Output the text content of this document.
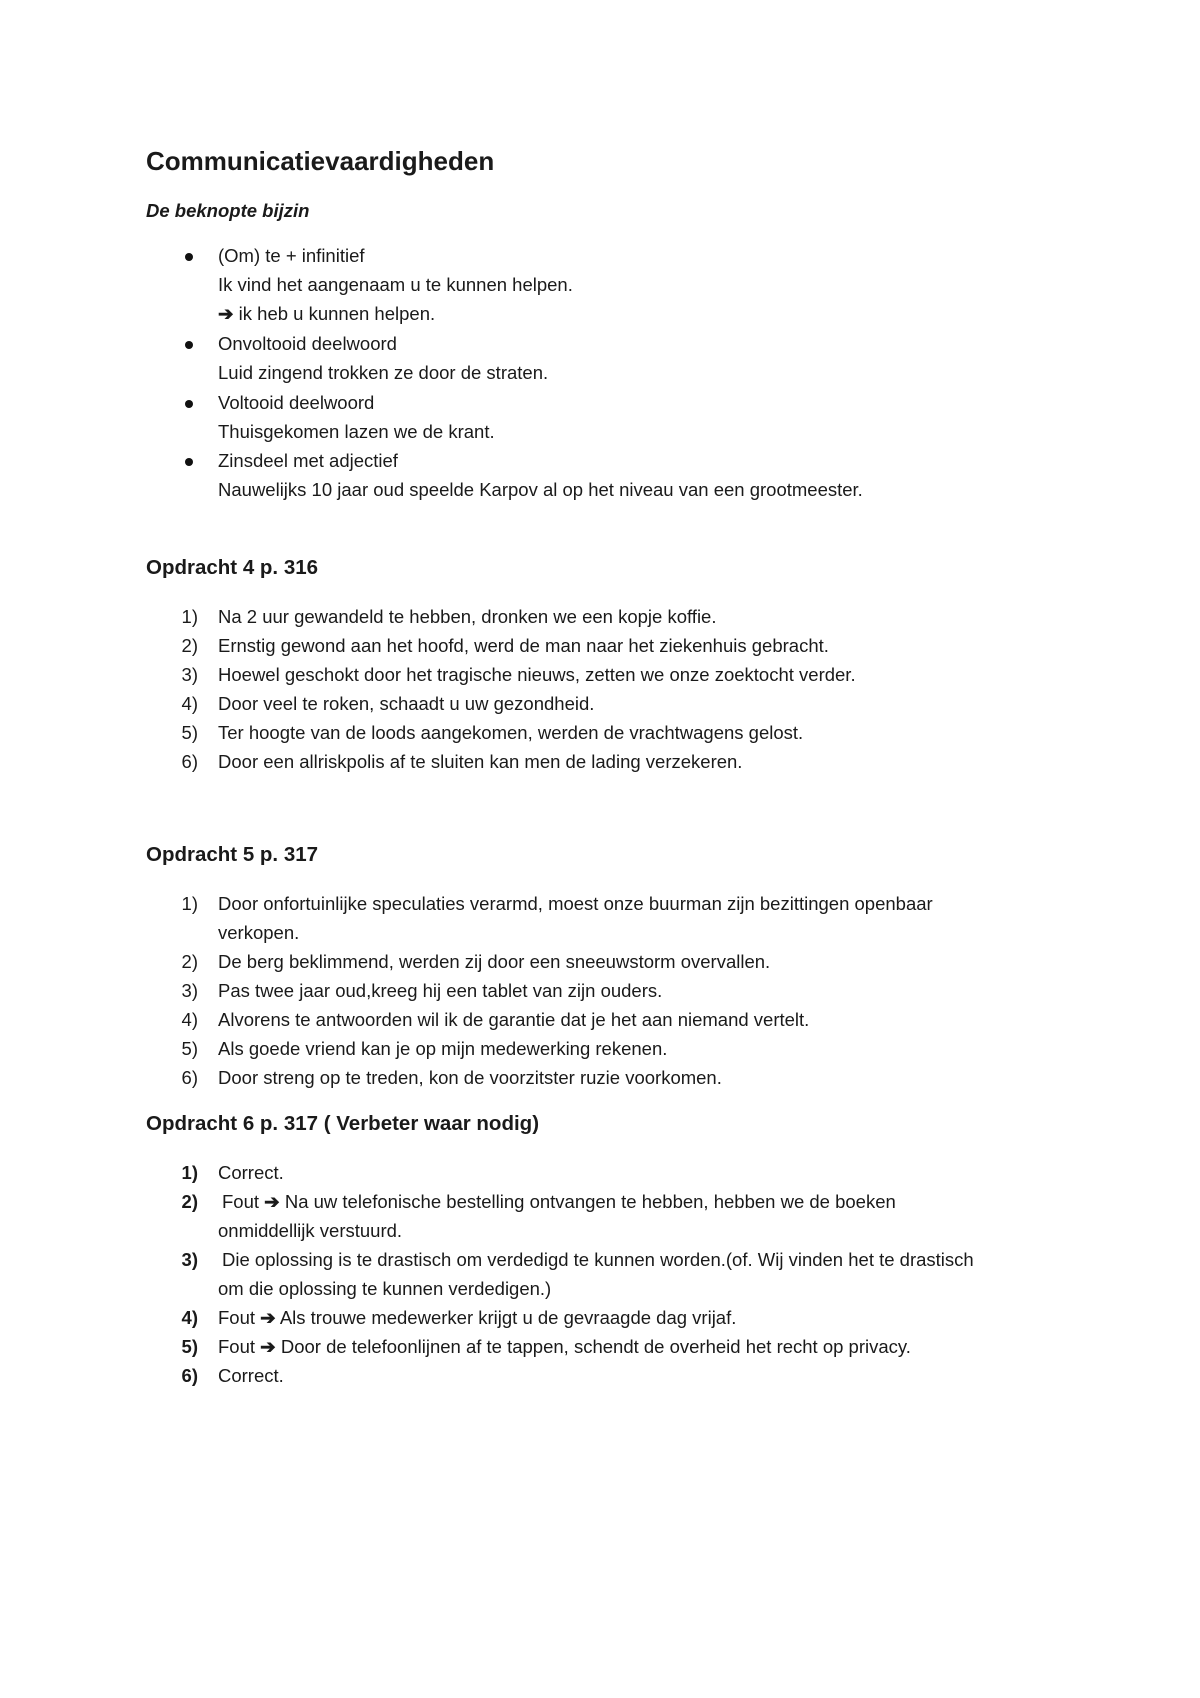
Communicatievaardigheden
De beknopte bijzin
(Om) te + infinitief
Ik vind het aangenaam u te kunnen helpen.
➔ ik heb u kunnen helpen.
Onvoltooid deelwoord
Luid zingend trokken ze door de straten.
Voltooid deelwoord
Thuisgekomen lazen we de krant.
Zinsdeel met adjectief
Nauwelijks 10 jaar oud speelde Karpov al op het niveau van een grootmeester.
Opdracht 4 p. 316
1) Na 2 uur gewandeld te hebben, dronken we een kopje koffie.
2) Ernstig gewond aan het hoofd, werd de man naar het ziekenhuis gebracht.
3) Hoewel geschokt door het tragische nieuws, zetten we onze zoektocht verder.
4) Door veel te roken, schaadt u uw gezondheid.
5) Ter hoogte van de loods aangekomen, werden de vrachtwagens gelost.
6) Door een allriskpolis af te sluiten kan men de lading verzekeren.
Opdracht 5 p. 317
1) Door onfortuinlijke speculaties verarmd, moest onze buurman zijn bezittingen openbaar
verkopen.
2) De berg beklimmend, werden zij door een sneeuwstorm overvallen.
3) Pas twee jaar oud,kreeg hij een tablet van zijn ouders.
4) Alvorens te antwoorden wil ik de garantie dat je het aan niemand vertelt.
5) Als goede vriend kan je op mijn medewerking rekenen.
6) Door streng op te treden, kon de voorzitster ruzie voorkomen.
Opdracht 6 p. 317 ( Verbeter waar nodig)
1) Correct.
2) Fout ➔ Na uw telefonische bestelling ontvangen te hebben, hebben we de boeken
onmiddellijk verstuurd.
3) Die oplossing is te drastisch om verdedigd te kunnen worden.(of. Wij vinden het te drastisch
om die oplossing te kunnen verdedigen.)
4) Fout ➔ Als trouwe medewerker krijgt u de gevraagde dag vrijaf.
5) Fout ➔ Door de telefoonlijnen af te tappen, schendt de overheid het recht op privacy.
6) Correct.
